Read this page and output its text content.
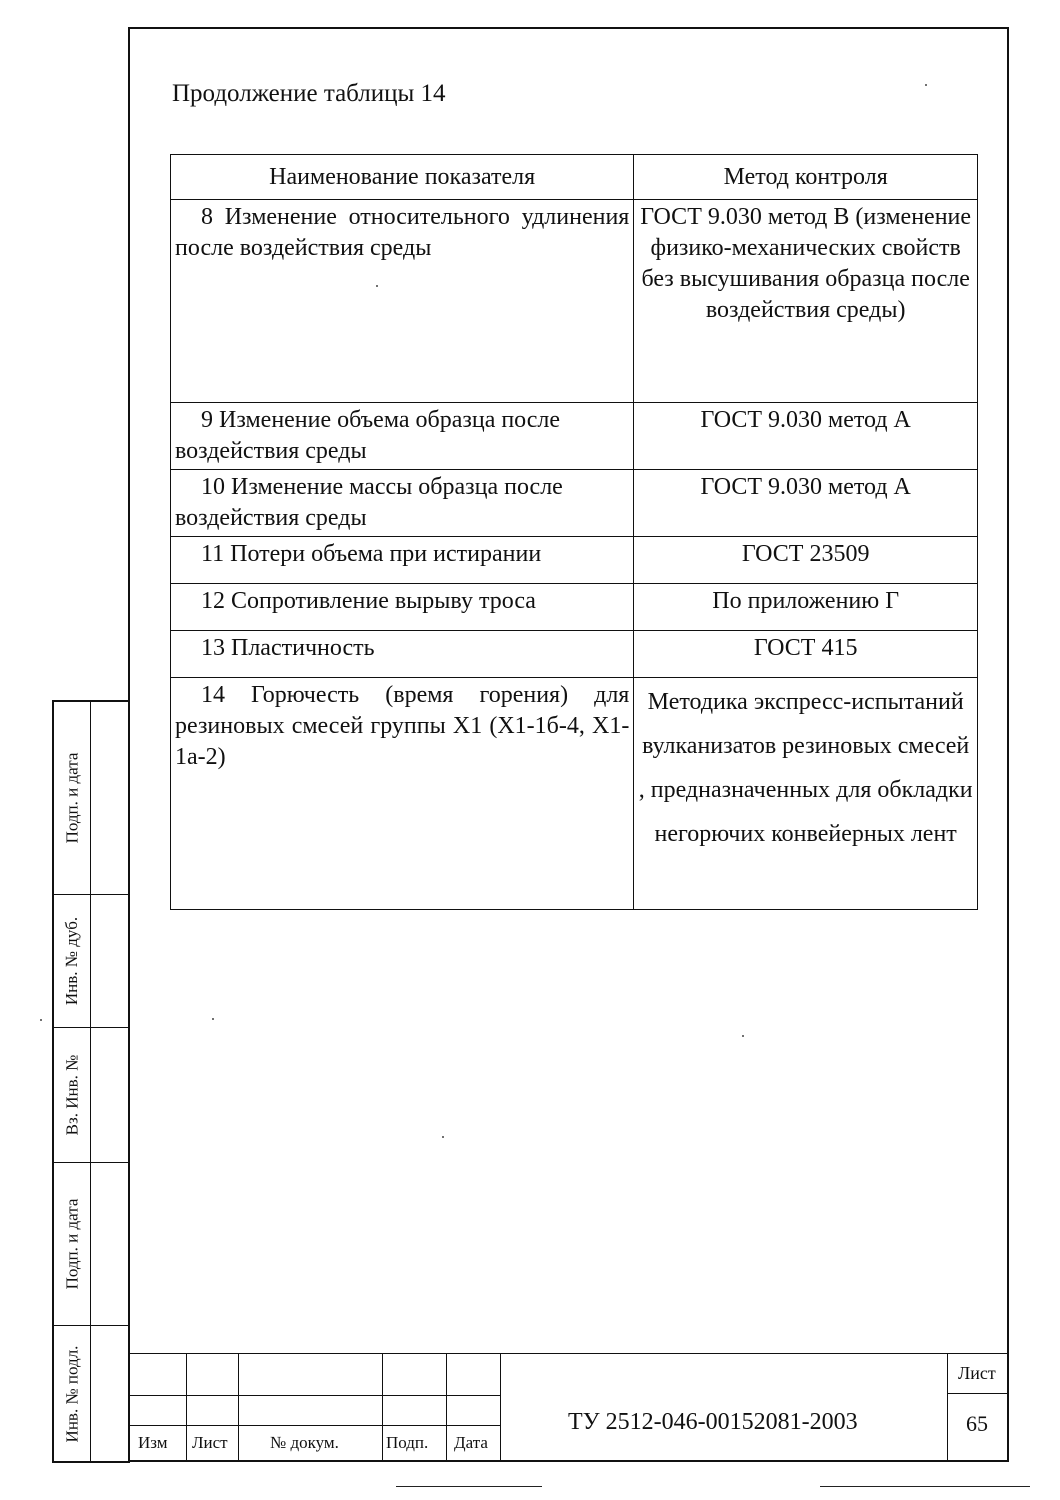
Продолжение таблицы 14
Наименование показателя	Метод контроля
8 Изменение относительного удлинения после воздействия среды	ГОСТ 9.030 метод В (изменение физико-механических свойств без высушивания образца после воздействия среды)
9 Изменение объема образца после воздействия среды	ГОСТ 9.030 метод А
10 Изменение массы образца после воздействия среды	ГОСТ 9.030 метод А
11 Потери объема при истирании	ГОСТ 23509
12 Сопротивление вырыву троса	По приложению Г
13 Пластичность	ГОСТ 415
14 Горючесть (время горения) для резиновых смесей группы Х1 (Х1-1б-4, Х1-1а-2)	Методика экспресс-испытаний вулканизатов резиновых смесей , предназначенных для обкладки негорючих конвейерных лент
Подп. и дата
Инв. № дуб.
Вз. Инв. №
Подп. и дата
Инв. № подл.
Изм Лист № докум.	Подп. Дата
ТУ 2512-046-00152081-2003
Лист
65
